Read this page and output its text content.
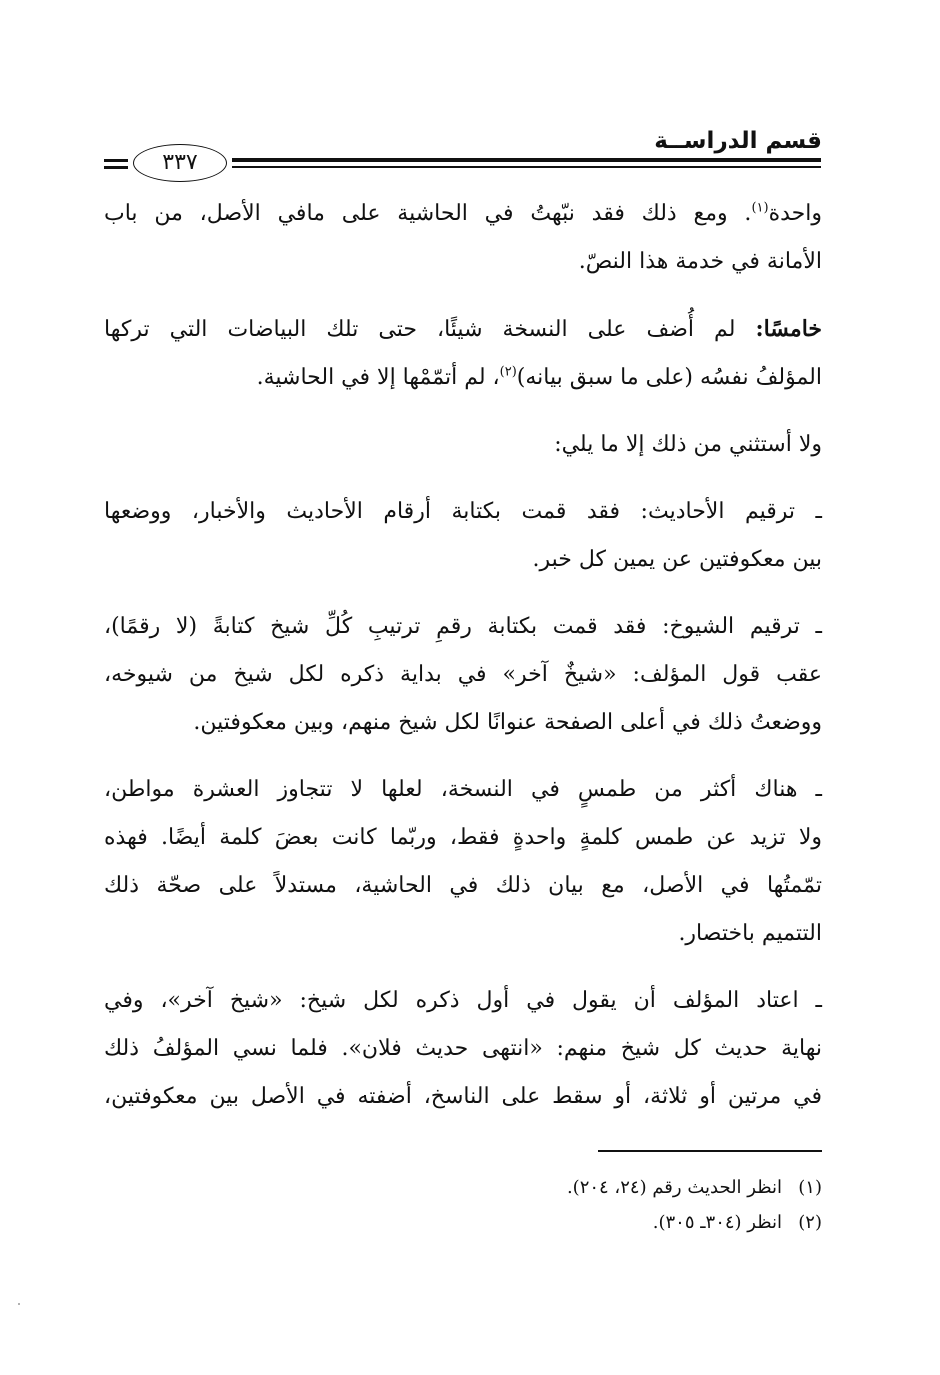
قسم الدراســة
٣٣٧
واحدة$^{(١)}$. ومع ذلك فقد نبّهتُ في الحاشية على مافي الأصل، من باب
الأمانة في خدمة هذا النصّ.
خامسًا: لم أُضف على النسخة شيئًا، حتى تلك البياضات التي تركها
المؤلفُ نفسُه (على ما سبق بيانه)$^{(٢)}$، لم أتمّمْها إلا في الحاشية.
ولا أستثني من ذلك إلا ما يلي:
ـ ترقيم الأحاديث: فقد قمت بكتابة أرقام الأحاديث والأخبار، ووضعها
بين معكوفتين عن يمين كل خبر.
ـ ترقيم الشيوخ: فقد قمت بكتابة رقمِ ترتيبِ كُلِّ شيخ كتابةً (لا رقمًا)،
عقب قول المؤلف: «شيخٌ آخر» في بداية ذكره لكل شيخ من شيوخه،
ووضعتُ ذلك في أعلى الصفحة عنوانًا لكل شيخ منهم، وبين معكوفتين.
ـ هناك أكثر من طمسٍ في النسخة، لعلها لا تتجاوز العشرة مواطن،
ولا تزيد عن طمس كلمةٍ واحدةٍ فقط، وربّما كانت بعضَ كلمة أيضًا. فهذه
تمّمتُها في الأصل، مع بيان ذلك في الحاشية، مستدلاً على صحّة ذلك
التتميم باختصار.
ـ اعتاد المؤلف أن يقول في أول ذكره لكل شيخ: «شيخ آخر»، وفي
نهاية حديث كل شيخ منهم: «انتهى حديث فلان». فلما نسي المؤلفُ ذلك
في مرتين أو ثلاثة، أو سقط على الناسخ، أضفته في الأصل بين معكوفتين،
(١)انظر الحديث رقم (٢٤، ٢٠٤).
(٢)انظر (٣٠٤ـ ٣٠٥).
